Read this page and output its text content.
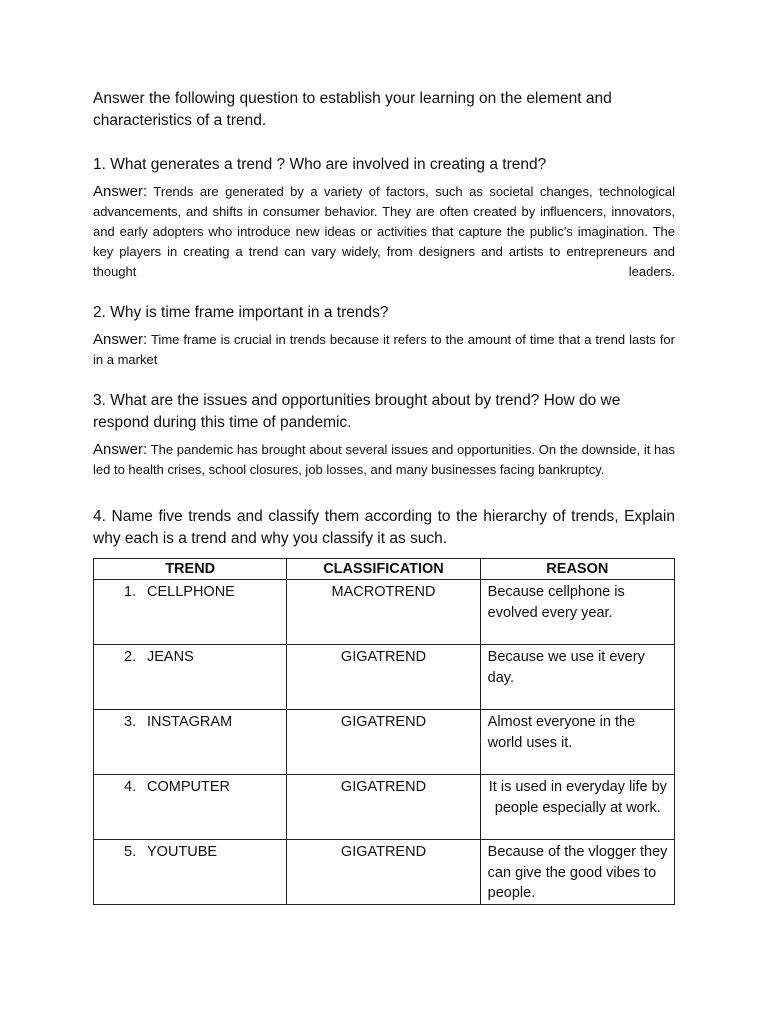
Answer the following question to establish your learning on the element and characteristics of a trend.

1. What generates a trend ? Who are involved in creating a trend?

Answer: Trends are generated by a variety of factors, such as societal changes, technological advancements, and shifts in consumer behavior. They are often created by influencers, innovators, and early adopters who introduce new ideas or activities that capture the public's imagination. The key players in creating a trend can vary widely, from designers and artists to entrepreneurs and thought leaders.

2. Why is time frame important in a trends?

Answer: Time frame is crucial in trends because it refers to the amount of time that a trend lasts for in a market

3. What are the issues and opportunities brought about by trend? How do we respond during this time of pandemic.

Answer: The pandemic has brought about several issues and opportunities. On the downside, it has led to health crises, school closures, job losses, and many businesses facing bankruptcy.

4. Name five trends and classify them according to the hierarchy of trends, Explain why each is a trend and why you classify it as such.

TREND	CLASSIFICATION	REASON
1. CELLPHONE	MACROTREND	Because cellphone is evolved every year.
2. JEANS	GIGATREND	Because we use it every day.
3. INSTAGRAM	GIGATREND	Almost everyone in the world uses it.
4. COMPUTER	GIGATREND	It is used in everyday life by people especially at work.
5. YOUTUBE	GIGATREND	Because of the vlogger they can give the good vibes to people.
